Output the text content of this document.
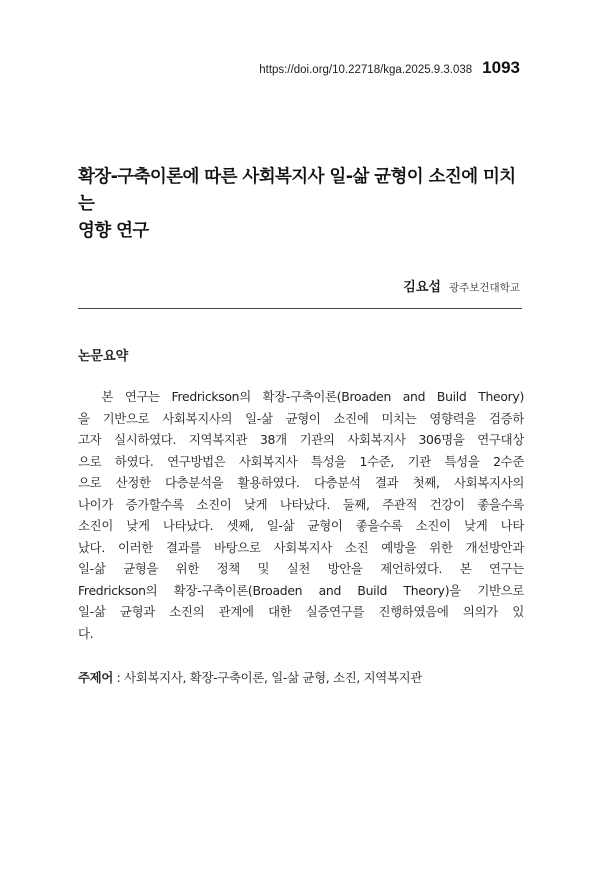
https://doi.org/10.22718/kga.2025.9.3.038 1093
확장-구축이론에 따른 사회복지사 일-삶 균형이 소진에 미치는
영향 연구
김요섭 광주보건대학교
논문요약
본 연구는 Fredrickson의 확장-구축이론(Broaden and Build Theory)
을 기반으로 사회복지사의 일-삶 균형이 소진에 미치는 영향력을 검증하
고자 실시하였다. 지역복지관 38개 기관의 사회복지사 306명을 연구대상
으로 하였다. 연구방법은 사회복지사 특성을 1수준, 기관 특성을 2수준
으로 산정한 다층분석을 활용하였다. 다층분석 결과 첫째, 사회복지사의
나이가 증가할수록 소진이 낮게 나타났다. 둘째, 주관적 건강이 좋을수록
소진이 낮게 나타났다. 셋째, 일-삶 균형이 좋을수록 소진이 낮게 나타
났다. 이러한 결과를 바탕으로 사회복지사 소진 예방을 위한 개선방안과
일-삶 균형을 위한 정책 및 실천 방안을 제언하였다. 본 연구는
Fredrickson의 확장-구축이론(Broaden and Build Theory)을 기반으로
일-삶 균형과 소진의 관계에 대한 실증연구를 진행하였음에 의의가 있
다.
주제어 : 사회복지사, 확장-구축이론, 일-삶 균형, 소진, 지역복지관
